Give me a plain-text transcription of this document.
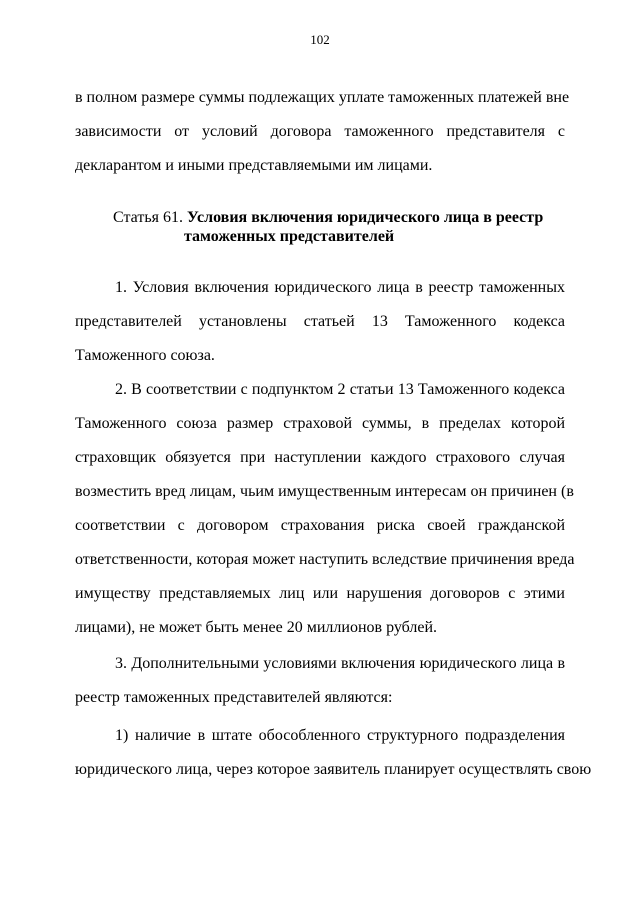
102
в полном размере суммы подлежащих уплате таможенных платежей вне
зависимости от условий договора таможенного представителя с
декларантом и иными представляемыми им лицами.
Статья 61. Условия включения юридического лица в реестр
таможенных представителей
1. Условия включения юридического лица в реестр таможенных
представителей установлены статьей 13 Таможенного кодекса
Таможенного союза.
2. В соответствии с подпунктом 2 статьи 13 Таможенного кодекса
Таможенного союза размер страховой суммы, в пределах которой
страховщик обязуется при наступлении каждого страхового случая
возместить вред лицам, чьим имущественным интересам он причинен (в
соответствии с договором страхования риска своей гражданской
ответственности, которая может наступить вследствие причинения вреда
имуществу представляемых лиц или нарушения договоров с этими
лицами), не может быть менее 20 миллионов рублей.
3. Дополнительными условиями включения юридического лица в
реестр таможенных представителей являются:
1) наличие в штате обособленного структурного подразделения
юридического лица, через которое заявитель планирует осуществлять свою
